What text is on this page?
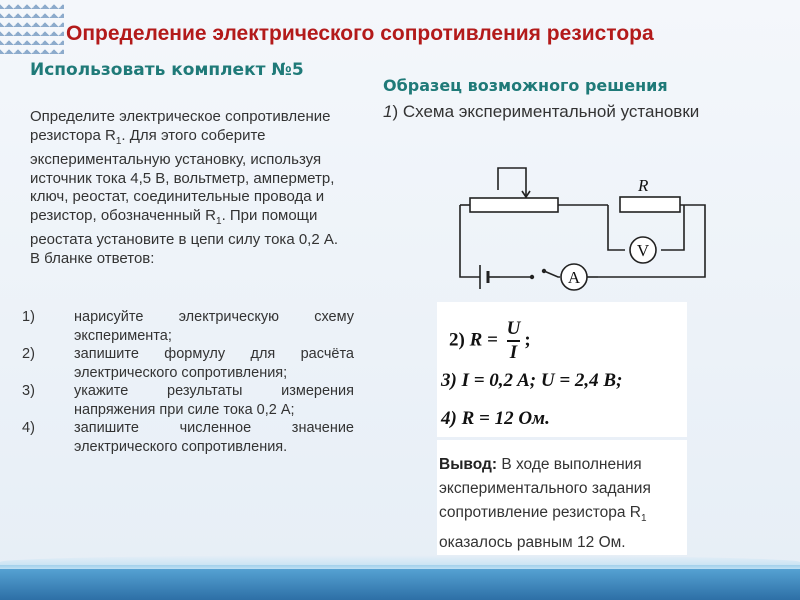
Определение электрического сопротивления резистора
Использовать комплект №5
Определите электрическое сопротивление резистора $R_1$. Для этого соберите экспериментальную установку, используя источник тока 4,5 В, вольтметр, амперметр, ключ, реостат, соединительные провода и резистор, обозначенный $R_1$. При помощи реостата установите в цепи силу тока 0,2 А.
В бланке ответов:
1)	нарисуйте электрическую схему эксперимента;
2)	запишите формулу для расчёта электрического сопротивления;
3)	укажите результаты измерения напряжения при силе тока 0,2 А;
4)	запишите численное значение электрического сопротивления.
Образец возможного решения
1) Схема экспериментальной установки
R
V
A
2) $R = \frac{U}{I}$ ;
3) I = 0,2 A; U = 2,4 B;
4) R = 12 Ом.
Вывод: В ходе выполнения экспериментального задания сопротивление резистора $R_1$ оказалось равным 12 Ом.
